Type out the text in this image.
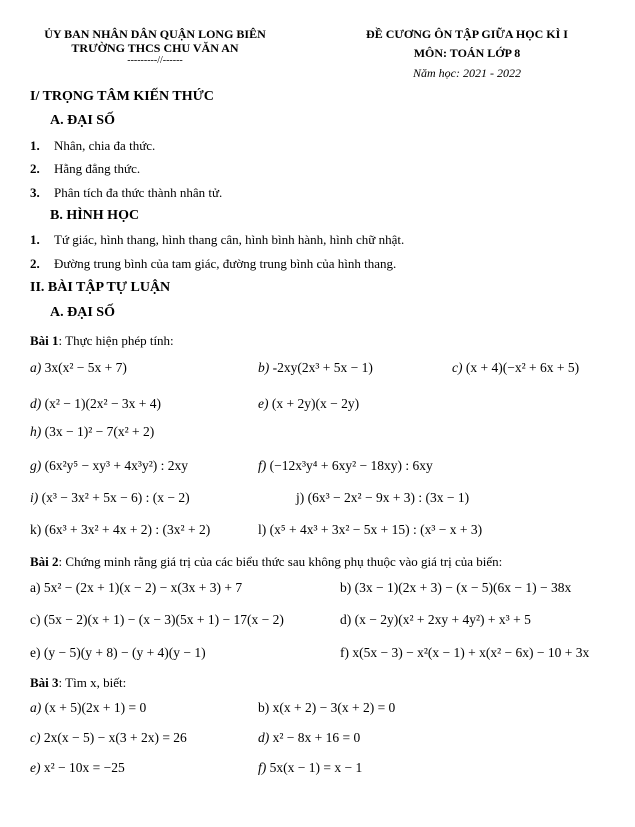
ỦY BAN NHÂN DÂN QUẬN LONG BIÊN
TRƯỜNG THCS CHU VĂN AN
---------//------
ĐỀ CƯƠNG ÔN TẬP GIỮA HỌC KÌ I
MÔN: TOÁN LỚP 8
Năm học: 2021 - 2022
I/ TRỌNG TÂM KIẾN THỨC
A. ĐẠI SỐ
1. Nhân, chia đa thức.
2. Hằng đẳng thức.
3. Phân tích đa thức thành nhân tử.
B. HÌNH HỌC
1. Tứ giác, hình thang, hình thang cân, hình bình hành, hình chữ nhật.
2. Đường trung bình của tam giác, đường trung bình của hình thang.
II. BÀI TẬP TỰ LUẬN
A. ĐẠI SỐ
Bài 1: Thực hiện phép tính:
a) 3x(x² − 5x + 7)	b) -2xy(2x³ + 5x − 1)	c) (x + 4)(−x² + 6x + 5)
d) (x² − 1)(2x² − 3x + 4)	e) (x + 2y)(x − 2y)
h) (3x − 1)² − 7(x² + 2)
g) (6x²y⁵ − xy³ + 4x³y²) : 2xy	f) (−12x³y⁴ + 6xy² − 18xy) : 6xy
i) (x³ − 3x² + 5x − 6) : (x − 2)	j) (6x³ − 2x² − 9x + 3) : (3x − 1)
k) (6x³ + 3x² + 4x + 2) : (3x² + 2)	l) (x⁵ + 4x³ + 3x² − 5x + 15) : (x³ − x + 3)
Bài 2: Chứng minh rằng giá trị của các biểu thức sau không phụ thuộc vào giá trị của biến:
a) 5x² − (2x + 1)(x − 2) − x(3x + 3) + 7	b) (3x − 1)(2x + 3) − (x − 5)(6x − 1) − 38x
c) (5x − 2)(x + 1) − (x − 3)(5x + 1) − 17(x − 2)	d) (x − 2y)(x² + 2xy + 4y²) + x³ + 5
e) (y − 5)(y + 8) − (y + 4)(y − 1)	f) x(5x − 3) − x²(x − 1) + x(x² − 6x) − 10 + 3x
Bài 3: Tìm x, biết:
a) (x + 5)(2x + 1) = 0	b) x(x + 2) − 3(x + 2) = 0
c) 2x(x − 5) − x(3 + 2x) = 26	d) x² − 8x + 16 = 0
e) x² − 10x = −25	f) 5x(x − 1) = x − 1
